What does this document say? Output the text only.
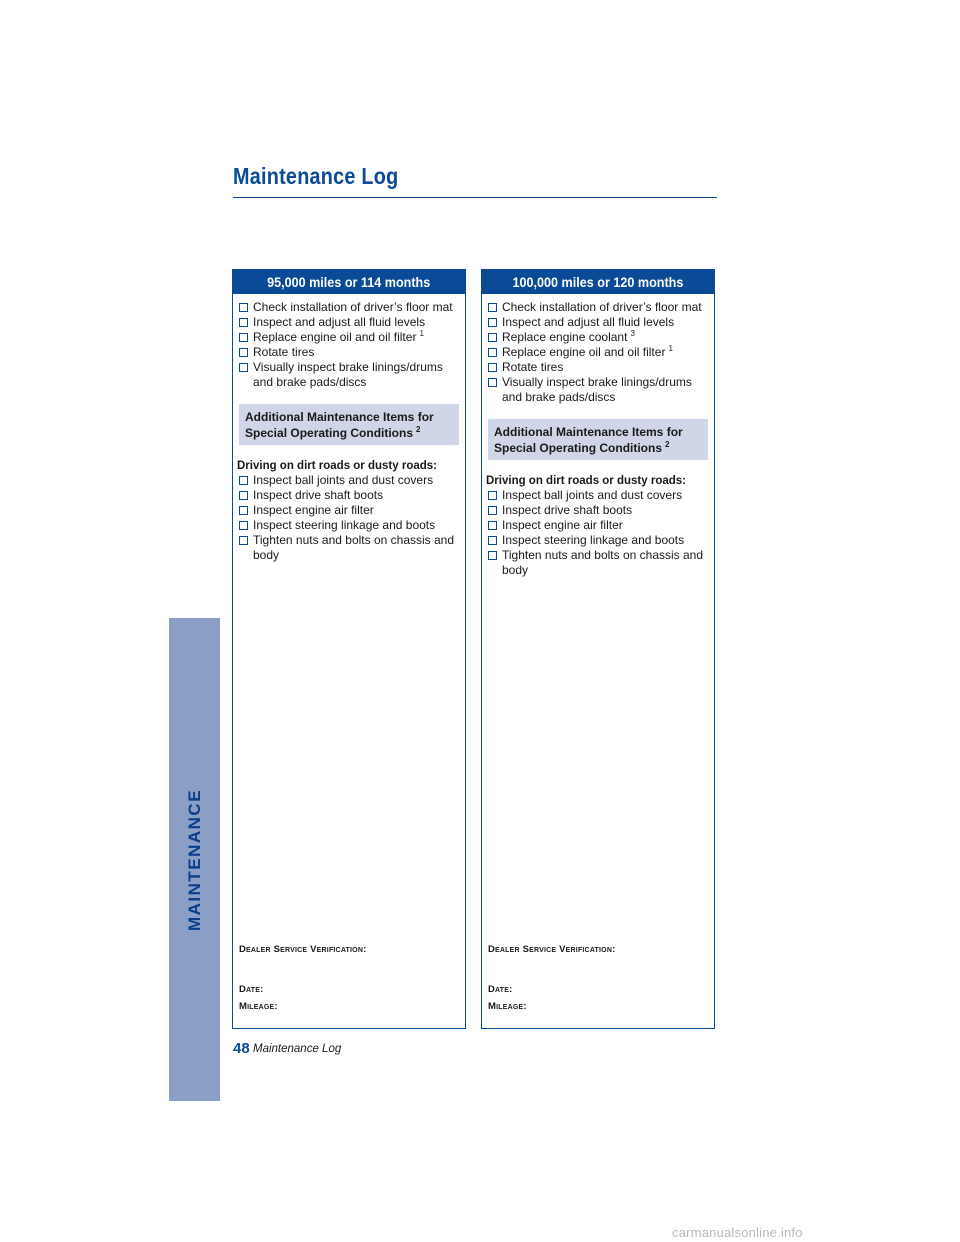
Maintenance Log
MAINTENANCE
95,000 miles or 114 months
Check installation of driver’s floor mat
Inspect and adjust all fluid levels
Replace engine oil and oil filter $^1$
Rotate tires
Visually inspect brake linings/drums and brake pads/discs
Additional Maintenance Items for
Special Operating Conditions $^2$
Driving on dirt roads or dusty roads:
Inspect ball joints and dust covers
Inspect drive shaft boots
Inspect engine air filter
Inspect steering linkage and boots
Tighten nuts and bolts on chassis and body
Dealer Service Verification:
Date:
Mileage:
100,000 miles or 120 months
Check installation of driver’s floor mat
Inspect and adjust all fluid levels
Replace engine coolant $^3$
Replace engine oil and oil filter $^1$
Rotate tires
Visually inspect brake linings/drums and brake pads/discs
Additional Maintenance Items for
Special Operating Conditions $^2$
Driving on dirt roads or dusty roads:
Inspect ball joints and dust covers
Inspect drive shaft boots
Inspect engine air filter
Inspect steering linkage and boots
Tighten nuts and bolts on chassis and body
Dealer Service Verification:
Date:
Mileage:
48 Maintenance Log
carmanualsonline.info
